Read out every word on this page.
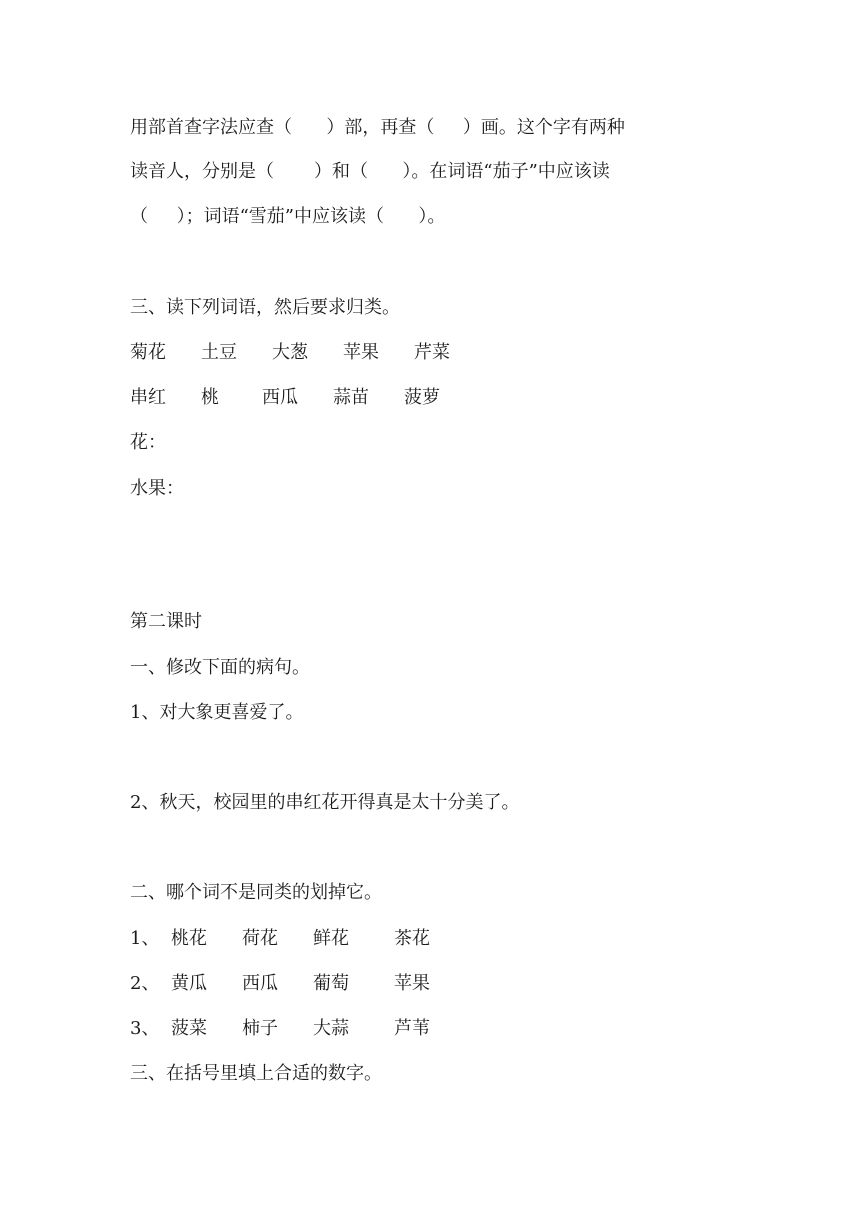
用部首查字法应查（      ）部，再查（     ）画。这个字有两种
读音人，分别是（       ）和（      ）。在词语“茄子”中应该读
（     ）；词语“雪茄”中应该读（      ）。
三、读下列词语，然后要求归类。
菊花 土豆 大葱 苹果 芹菜
串红 桃 西瓜 蒜苗 菠萝
花：
水果：
第二课时
一、修改下面的病句。
1、对大象更喜爱了。
2、秋天，校园里的串红花开得真是太十分美了。
二、哪个词不是同类的划掉它。
1、 桃花 荷花 鲜花	茶花
2、 黄瓜 西瓜 葡萄	苹果
3、 菠菜 柿子 大蒜	芦苇
三、在括号里填上合适的数字。
